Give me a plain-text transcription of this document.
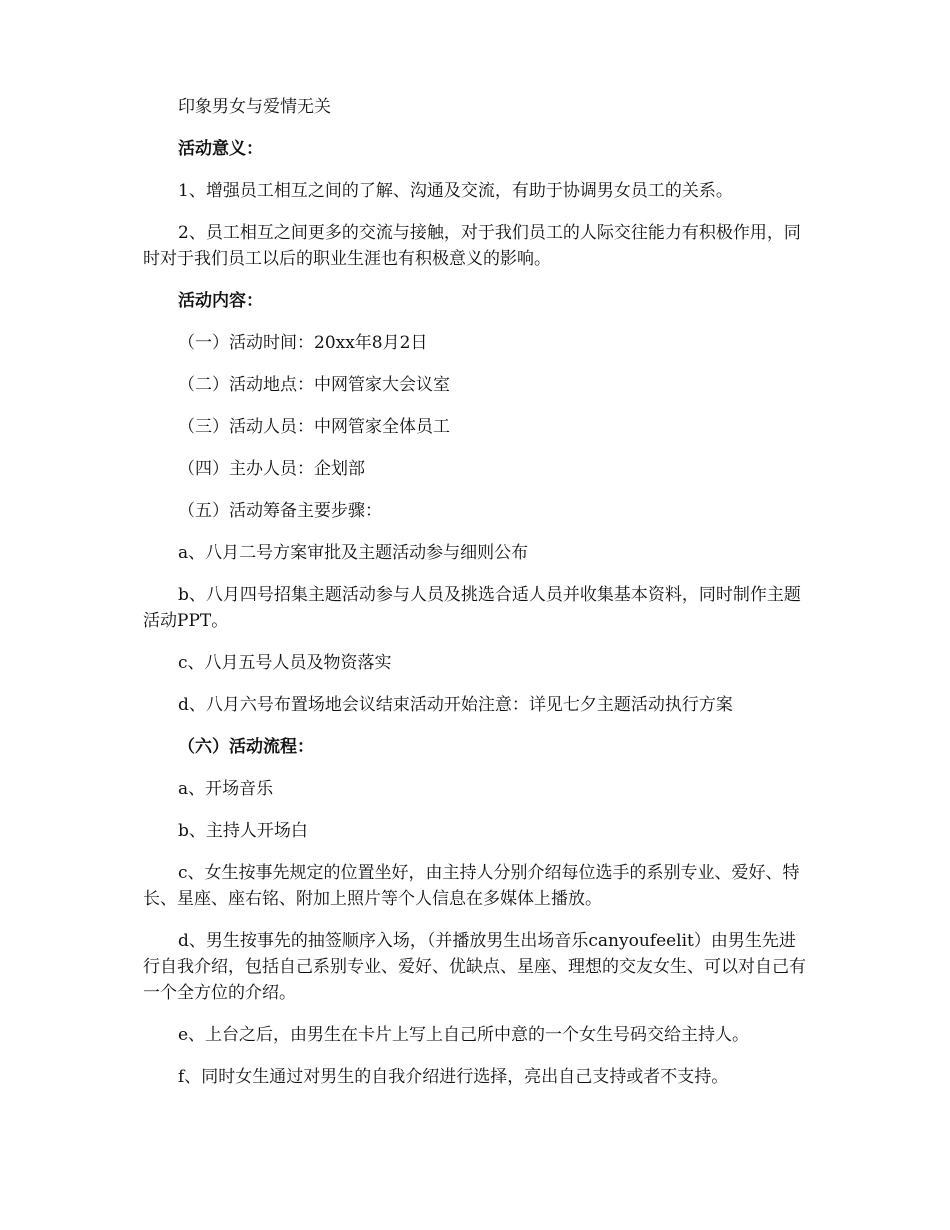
印象男女与爱情无关

活动意义：

1、增强员工相互之间的了解、沟通及交流，有助于协调男女员工的关系。

2、员工相互之间更多的交流与接触，对于我们员工的人际交往能力有积极作用，同时对于我们员工以后的职业生涯也有积极意义的影响。

活动内容：

（一）活动时间：20xx年8月2日

（二）活动地点：中网管家大会议室

（三）活动人员：中网管家全体员工

（四）主办人员：企划部

（五）活动筹备主要步骤：

a、八月二号方案审批及主题活动参与细则公布

b、八月四号招集主题活动参与人员及挑选合适人员并收集基本资料，同时制作主题活动PPT。

c、八月五号人员及物资落实

d、八月六号布置场地会议结束活动开始注意：详见七夕主题活动执行方案

（六）活动流程：

a、开场音乐

b、主持人开场白

c、女生按事先规定的位置坐好，由主持人分别介绍每位选手的系别专业、爱好、特长、星座、座右铭、附加上照片等个人信息在多媒体上播放。

d、男生按事先的抽签顺序入场，（并播放男生出场音乐canyoufeelit）由男生先进行自我介绍，包括自己系别专业、爱好、优缺点、星座、理想的交友女生、可以对自己有一个全方位的介绍。

e、上台之后，由男生在卡片上写上自己所中意的一个女生号码交给主持人。

f、同时女生通过对男生的自我介绍进行选择，亮出自己支持或者不支持。
